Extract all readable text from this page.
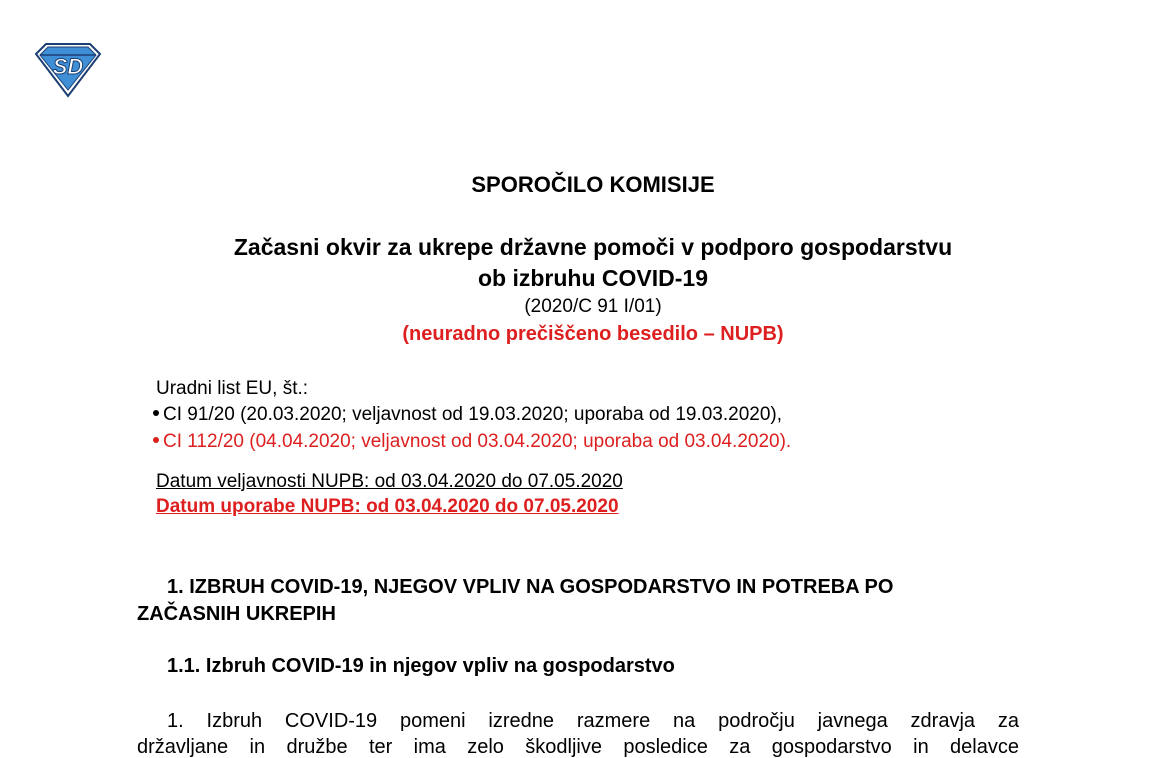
SD
SPOROČILO KOMISIJE
Začasni okvir za ukrepe državne pomoči v podporo gospodarstvu
ob izbruhu COVID-19
(2020/C 91 I/01)
(neuradno prečiščeno besedilo – NUPB)
Uradni list EU, št.:
CI 91/20 (20.03.2020; veljavnost od 19.03.2020; uporaba od 19.03.2020),
CI 112/20 (04.04.2020; veljavnost od 03.04.2020; uporaba od 03.04.2020).
Datum veljavnosti NUPB: od 03.04.2020 do 07.05.2020
Datum uporabe NUPB: od 03.04.2020 do 07.05.2020
1. IZBRUH COVID-19, NJEGOV VPLIV NA GOSPODARSTVO IN POTREBA PO
ZAČASNIH UKREPIH
1.1. Izbruh COVID-19 in njegov vpliv na gospodarstvo
1. Izbruh COVID-19 pomeni izredne razmere na področju javnega zdravja za
državljane in družbe ter ima zelo škodljive posledice za gospodarstvo in delavce
